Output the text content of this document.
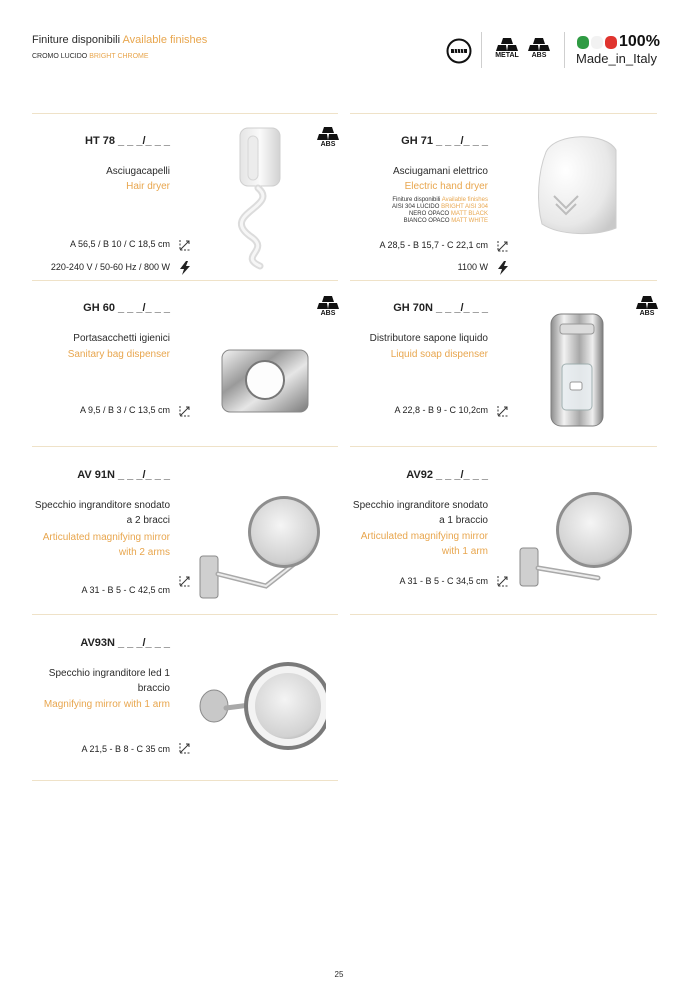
Finiture disponibili Available finishes
CROMO LUCIDO BRIGHT CHROME	METAL ABS
100%
Made_in_Italy
HT 78 _ _ _/_ _ _
Asciugacapelli
Hair dryer
A 56,5 / B 10 / C 18,5 cm
220-240 V / 50-60 Hz / 800 W
ABS	GH 71 _ _ _/_ _ _
Asciugamani elettrico
Electric hand dryer
Finiture disponibili Available finishes
AISI 304 LUCIDO BRIGHT AISI 304
NERO OPACO MATT BLACK
BIANCO OPACO MATT WHITE
A 28,5 - B 15,7 - C 22,1 cm
1100 W
GH 60 _ _ _/_ _ _
Portasacchetti igienici
Sanitary bag dispenser
A 9,5 / B 3 / C 13,5 cm
ABS	GH 70N _ _ _/_ _ _
Distributore sapone liquido
Liquid soap dispenser
A 22,8 - B 9 - C 10,2cm
ABS
AV 91N _ _ _/_ _ _
Specchio ingranditore snodato
a 2 bracci
Articulated magnifying mirror
with 2 arms
A 31 - B 5 - C 42,5 cm
AV92 _ _ _/_ _ _
Specchio ingranditore snodato
a 1 braccio
Articulated magnifying mirror
with 1 arm
A 31 - B 5 - C 34,5 cm
AV93N _ _ _/_ _ _
Specchio ingranditore led 1
braccio
Magnifying mirror with 1 arm
A 21,5 - B 8 - C 35 cm
25
